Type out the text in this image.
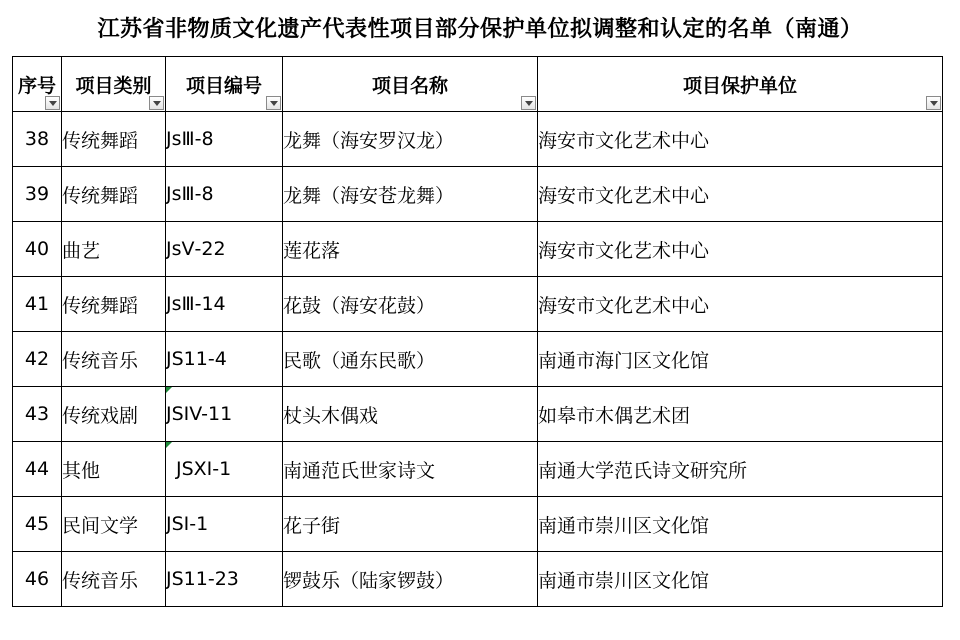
江苏省非物质文化遗产代表性项目部分保护单位拟调整和认定的名单（南通）
序号	项目类别	项目编号	项目名称	项目保护单位

38	传统舞蹈	JsⅢ-8	龙舞（海安罗汉龙）	海安市文化艺术中心
39	传统舞蹈	JsⅢ-8	龙舞（海安苍龙舞）	海安市文化艺术中心
40	曲艺	JsⅤ-22	莲花落	海安市文化艺术中心
41	传统舞蹈	JsⅢ-14	花鼓（海安花鼓）	海安市文化艺术中心
42	传统音乐	JS11-4	民歌（通东民歌）	南通市海门区文化馆
43	传统戏剧	JSIV-11	杖头木偶戏	如皋市木偶艺术团
44	其他	JSXI-1	南通范氏世家诗文	南通大学范氏诗文研究所
45	民间文学	JSI-1	花子街	南通市崇川区文化馆
46	传统音乐	JS11-23	锣鼓乐（陆家锣鼓）	南通市崇川区文化馆
